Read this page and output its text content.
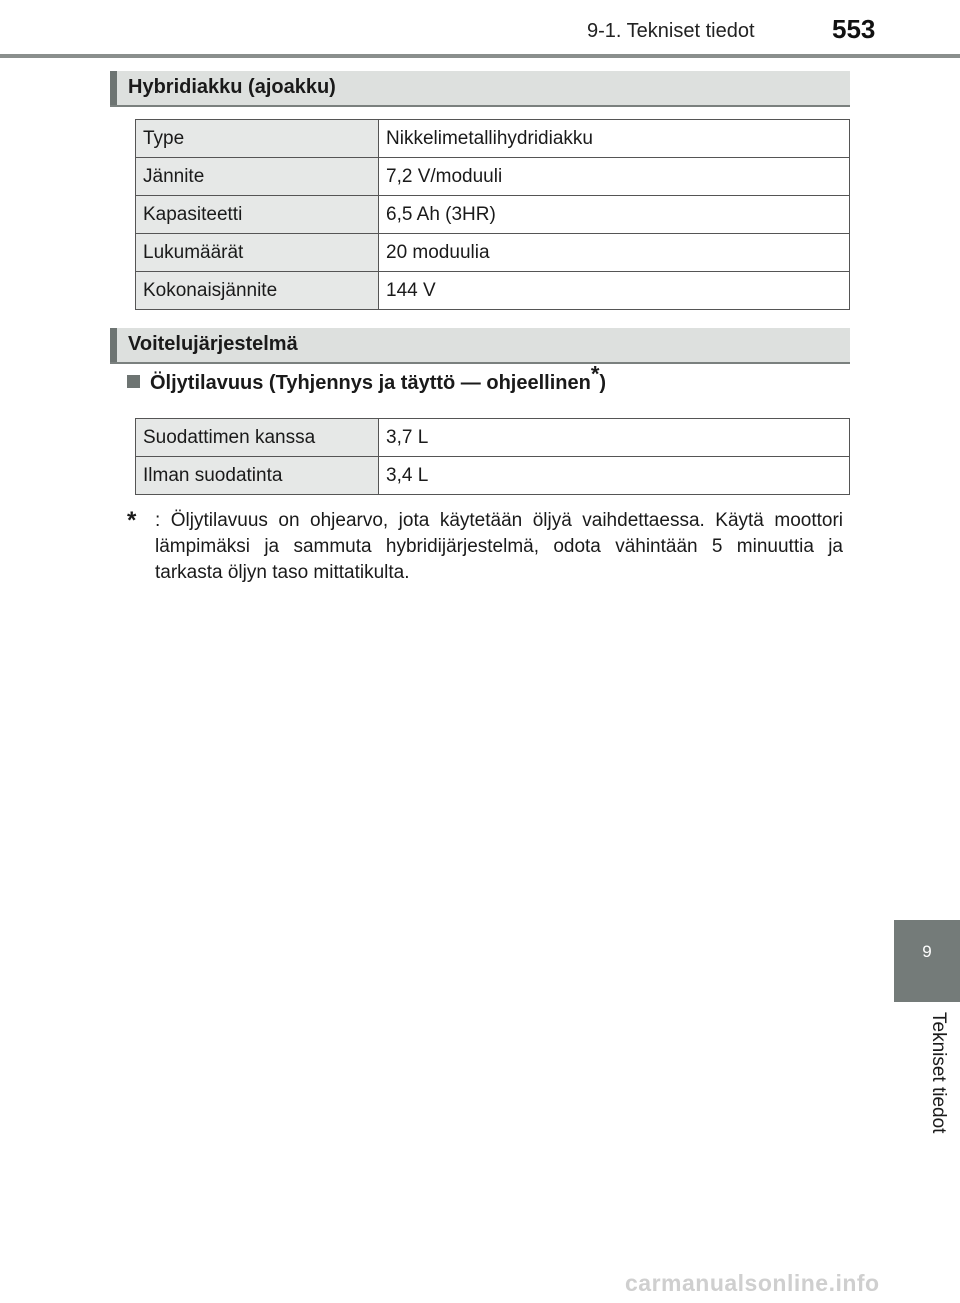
9-1. Tekniset tiedot	553
Hybridiakku (ajoakku)
Type	Nikkelimetallihydridiakku
Jännite	7,2 V/moduuli
Kapasiteetti	6,5 Ah (3HR)
Lukumäärät	20 moduulia
Kokonaisjännite	144 V
Voitelujärjestelmä
Öljytilavuus (Tyhjennys ja täyttö — ohjeellinen*)
Suodattimen kanssa	3,7 L
Ilman suodatinta	3,4 L
* : Öljytilavuus on ohjearvo, jota käytetään öljyä vaihdettaessa. Käytä moottori lämpimäksi ja sammuta hybridijärjestelmä, odota vähintään 5 minuuttia ja tarkasta öljyn taso mittatikulta.
9
Tekniset tiedot
carmanualsonline.info
